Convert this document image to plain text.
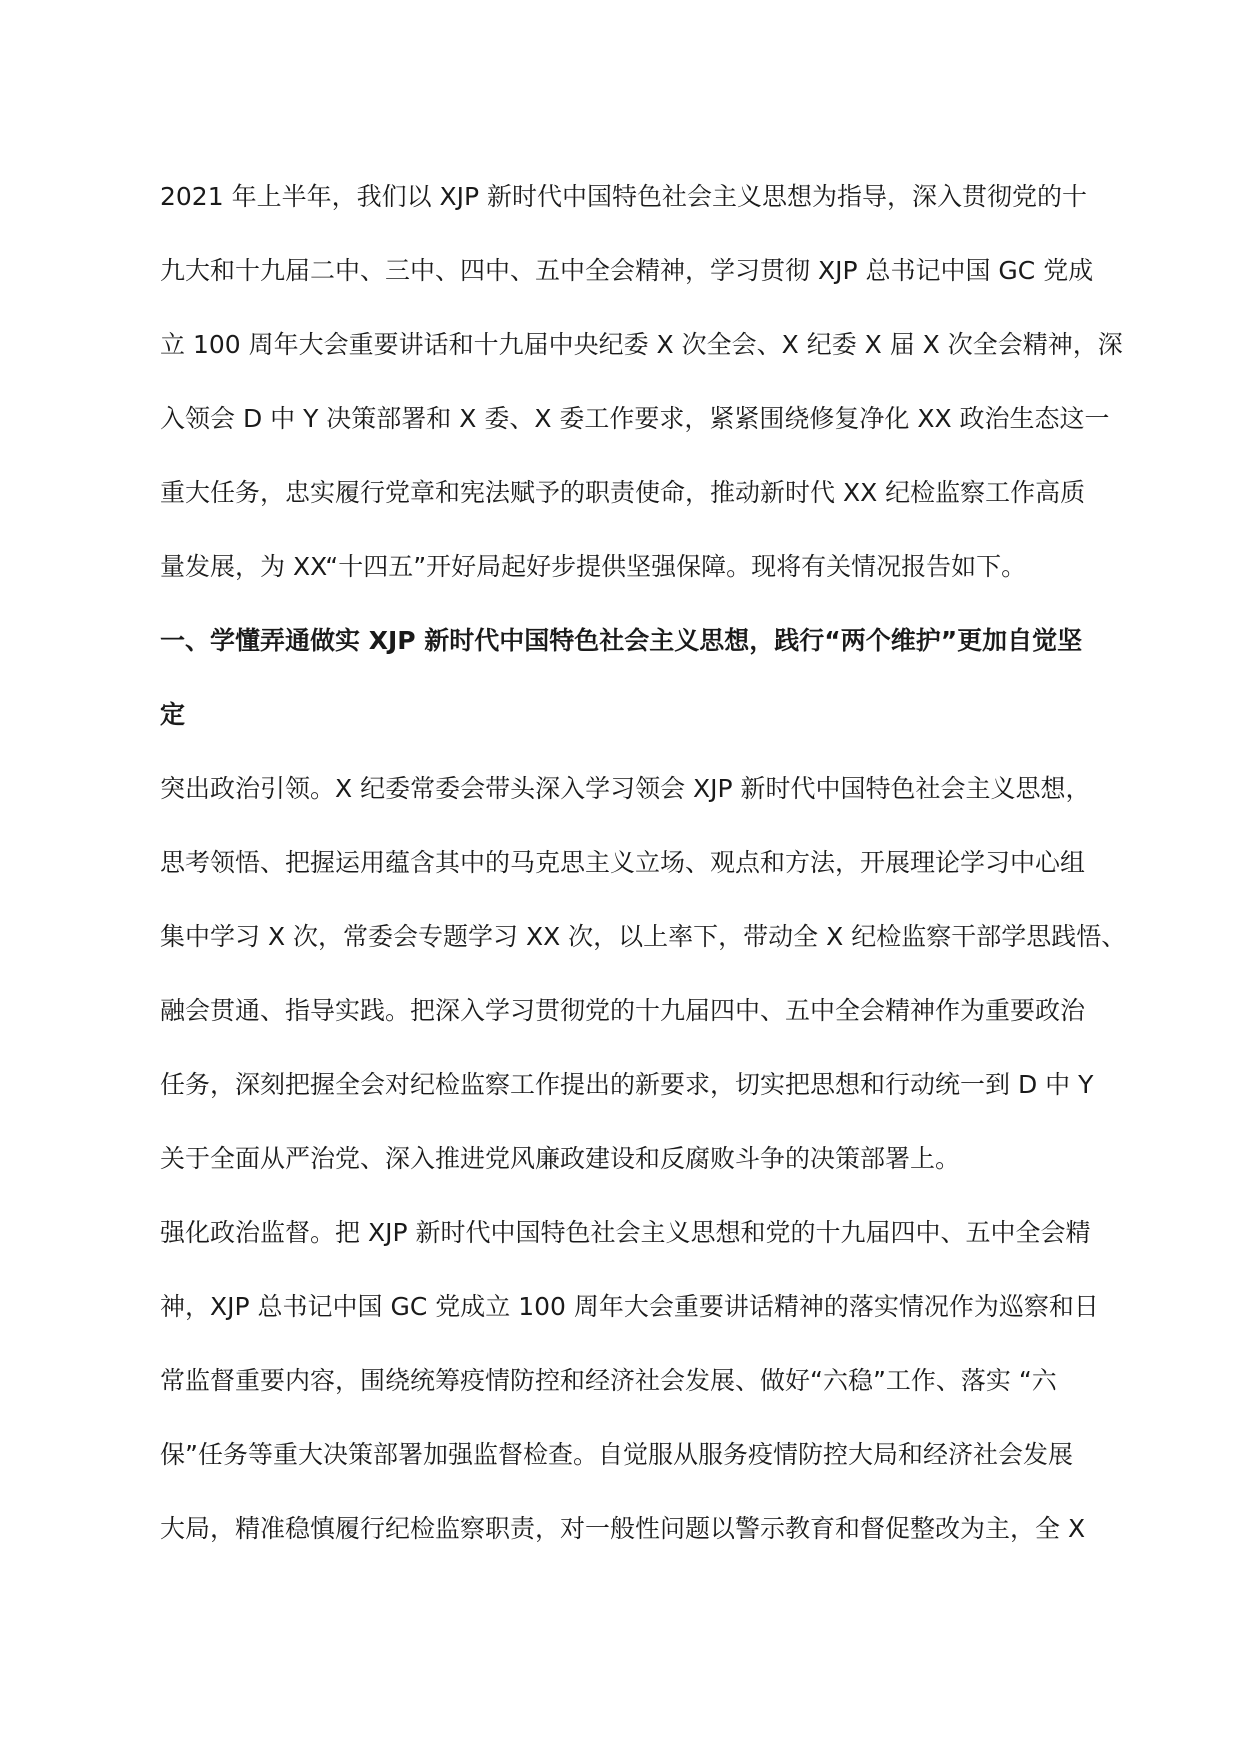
2021 年上半年，我们以 XJP 新时代中国特色社会主义思想为指导，深入贯彻党的十
九大和十九届二中、三中、四中、五中全会精神，学习贯彻 XJP 总书记中国 GC 党成
立 100 周年大会重要讲话和十九届中央纪委 X 次全会、X 纪委 X 届 X 次全会精神，深
入领会 D 中 Y 决策部署和 X 委、X 委工作要求，紧紧围绕修复净化 XX 政治生态这一
重大任务，忠实履行党章和宪法赋予的职责使命，推动新时代 XX 纪检监察工作高质
量发展，为 XX“十四五”开好局起好步提供坚强保障。现将有关情况报告如下。
一、学懂弄通做实 XJP 新时代中国特色社会主义思想，践行“两个维护”更加自觉坚
定
突出政治引领。X 纪委常委会带头深入学习领会 XJP 新时代中国特色社会主义思想，
思考领悟、把握运用蕴含其中的马克思主义立场、观点和方法，开展理论学习中心组
集中学习 X 次，常委会专题学习 XX 次，以上率下，带动全 X 纪检监察干部学思践悟、
融会贯通、指导实践。把深入学习贯彻党的十九届四中、五中全会精神作为重要政治
任务，深刻把握全会对纪检监察工作提出的新要求，切实把思想和行动统一到 D 中 Y
关于全面从严治党、深入推进党风廉政建设和反腐败斗争的决策部署上。
强化政治监督。把 XJP 新时代中国特色社会主义思想和党的十九届四中、五中全会精
神，XJP 总书记中国 GC 党成立 100 周年大会重要讲话精神的落实情况作为巡察和日
常监督重要内容，围绕统筹疫情防控和经济社会发展、做好“六稳”工作、落实 “六
保”任务等重大决策部署加强监督检查。自觉服从服务疫情防控大局和经济社会发展
大局，精准稳慎履行纪检监察职责，对一般性问题以警示教育和督促整改为主，全 X
